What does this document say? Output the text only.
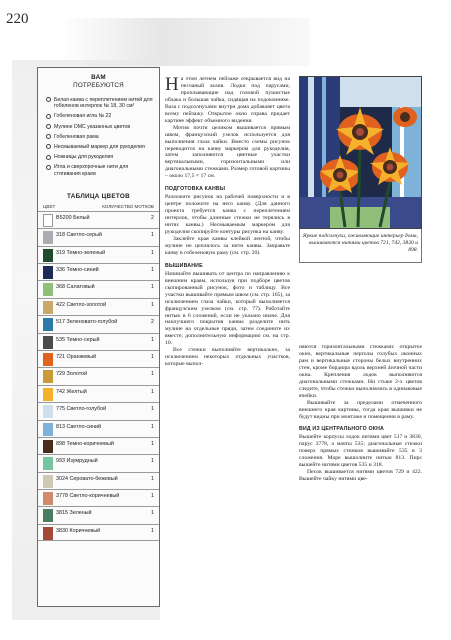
220
ВАМ
ПОТРЕБУЮТСЯ
Белая канва с переплетением нитей для гобеленов интерлок № 18, 30 см²
Гобеленовая игла № 22
Мулине DMC указанных цветов
Гобеленовая рама
Несмываемый маркер для рукоделия
Ножницы для рукоделия
Игла и сверхпрочные нити для стягивания краев
ТАБЛИЦА ЦВЕТОВ
ЦВЕТ	КОЛИЧЕСТВО МОТКОВ
B5200 Белый	2
318 Светло-серый	1
319 Темно-зеленый	1
336 Темно-синий	1
368 Салатовый	1
422 Светло-золотой	1
517 Зеленовато-голубой	2
535 Темно-серый	1
721 Оранжевый	1
729 Золотой	1
742 Желтый	1
775 Светло-голубой	1
813 Светло-синий	1
898 Темно-коричневый	1
993 Изумрудный	1
3024 Серовато-бежевый	1
3778 Светло-коричневый	1
3815 Зеленый	1
3830 Коричневый	1

На этом летнем пейзаже открывается вид на песчаный залив. Лодки под парусами, проплывающие над головой пушистые облака и большая чайка, сидящая на подоконнике. Ваза с подсолнухами внутри дома добавляет цвета всему пейзажу. Открытое окно справа придает картине эффект объемного видения.

Мотив почти целиком вышивается прямым швом, французский узелок используется для выполнения глаза чайки. Вместо схемы рисунок переводится на канву маркером для рукоделия, затем заполняются цветные участки вертикальными, горизонтальными или диагональными стежками. Размер готовой картины – около 17,5 × 17 см.

ПОДГОТОВКА КАНВЫ

Разложите рисунок на рабочей поверхности и в центре положите на него канву. (Для данного проекта требуется канва с переплетением интерлок, чтобы длинные стежки не терялись в нитях канвы.) Несмываемым маркером для рукоделия скопируйте контуры рисунка на канву.

Заклейте края канвы клейкой лентой, чтобы мулине не цеплялось за нити канвы. Заправьте канву в гобеленовую раму (см. стр. 20).

ВЫШИВАНИЕ

Начинайте вышивать от центра по направлению к внешним краям, используя при подборе цветов скопированный рисунок, фото и таблицу. Все участки вышивайте прямым швом (см. стр. 165), за исключением глаза чайки, который выполняется французским узелком (см. стр. 77). Работайте нитью в 6 сложений, если не указано иначе. Для наилучшего покрытия канвы разделите нить мулине на отдельные пряди, затем соедините их вместе; дополнительную информацию см. на стр. 10.

Все стежки выполняйте вертикально, за исключением некоторых отдельных участков, которые выпол-

Яркие подсолнухи, оживляющие интерьер дома, вышиваются нитями цветов 721, 742, 3830 и 898.

няются горизонтальными стежками: открытое окно, вертикальные перголы голубых оконных рам и вертикальные стороны белых внутренних стен, кроме бордюра вдоль верхней árочной части окна. Крепления лодок выполняются диагональными стежками. Ни стыке 2-х цветов следите, чтобы стежки выполнялись в одинаковые ячейки.

Вышивайте за пределами отмеченного внешнего края картины, тогда края вышивки не будут видны при монтаже и помещении в раму.

ВИД ИЗ ЦЕНТРАЛЬНОГО ОКНА

Вышейте корпусы лодок нитями цвет 517 и 3830, парус 3778, а мачты 535; диагональные стежки поверх прямых стежков вышивайте 535 в 3 сложения. Море вышолните нитью 813. Пирс вышейте нитями цветов 535 и 318.

Песок вышивается нитями цветов 729 и 422. Вышейте чайку нитями цве-
